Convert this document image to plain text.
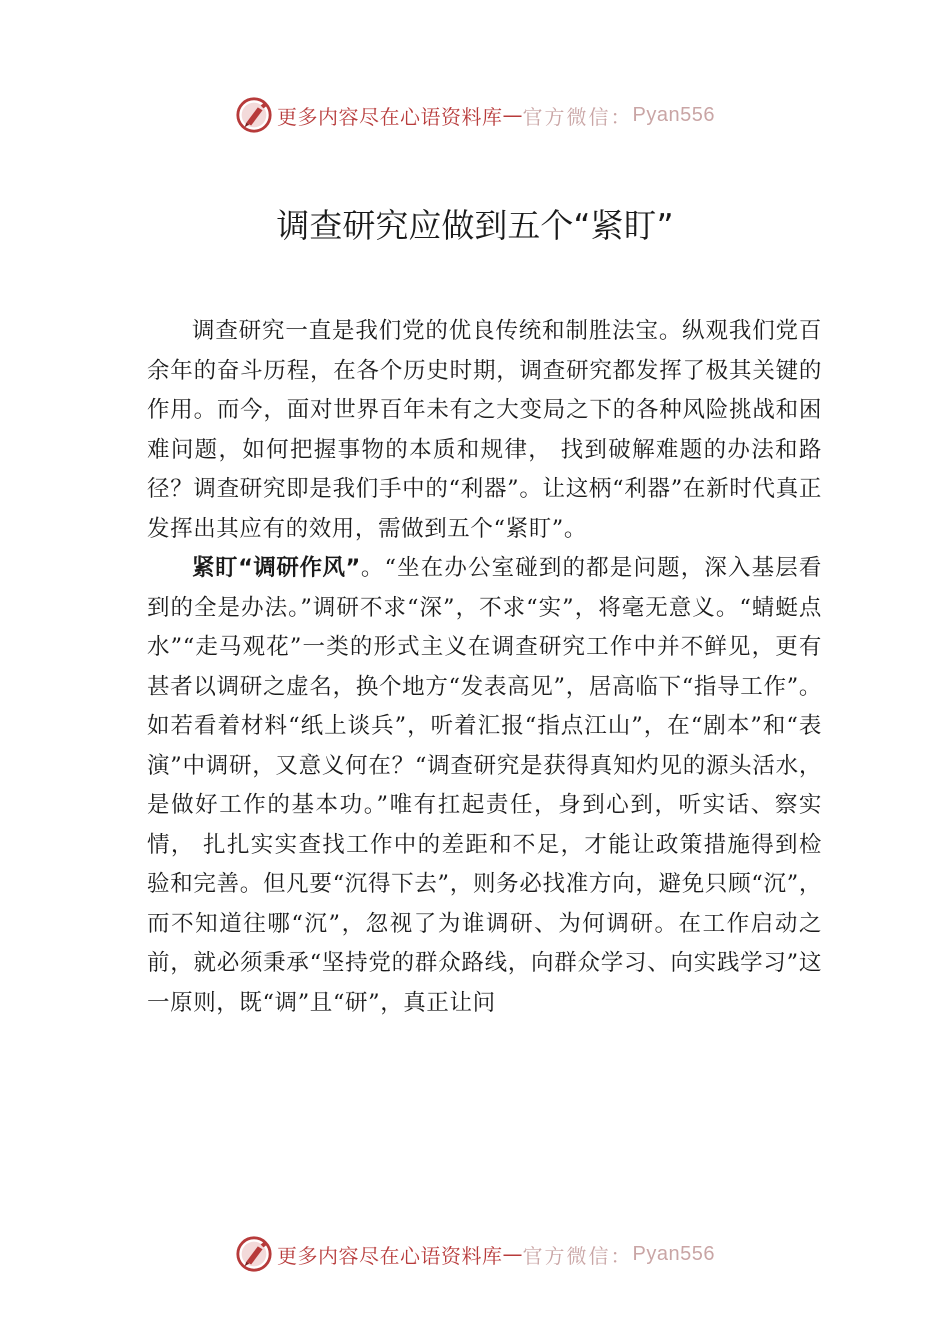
更多内容尽在心语资料库 — 官方微信： Pyan556
调查研究应做到五个“紧盯”

调查研究一直是我们党的优良传统和制胜法宝。纵观我们党百余年的奋斗历程，在各个历史时期，调查研究都发挥了极其关键的作用。而今，面对世界百年未有之大变局之下的各种风险挑战和困难问题，如何把握事物的本质和规律， 找到破解难题的办法和路径？调查研究即是我们手中的“利器”。让这柄“利器”在新时代真正发挥出其应有的效用，需做到五个“紧盯”。

紧盯“调研作风”。“坐在办公室碰到的都是问题，深入基层看到的全是办法。”调研不求“深”，不求“实”，将毫无意义。“蜻蜓点水”“走马观花”一类的形式主义在调查研究工作中并不鲜见，更有甚者以调研之虚名，换个地方“发表高见”，居高临下“指导工作”。如若看着材料“纸上谈兵”，听着汇报“指点江山”，在“剧本”和“表演”中调研，又意义何在？“调查研究是获得真知灼见的源头活水，是做好工作的基本功。”唯有扛起责任，身到心到，听实话、察实情， 扎扎实实查找工作中的差距和不足，才能让政策措施得到检验和完善。但凡要“沉得下去”，则务必找准方向，避免只顾“沉”，而不知道往哪“沉”，忽视了为谁调研、为何调研。在工作启动之前，就必须秉承“坚持党的群众路线，向群众学习、向实践学习”这一原则，既“调”且“研”，真正让问

更多内容尽在心语资料库 — 官方微信： Pyan556
